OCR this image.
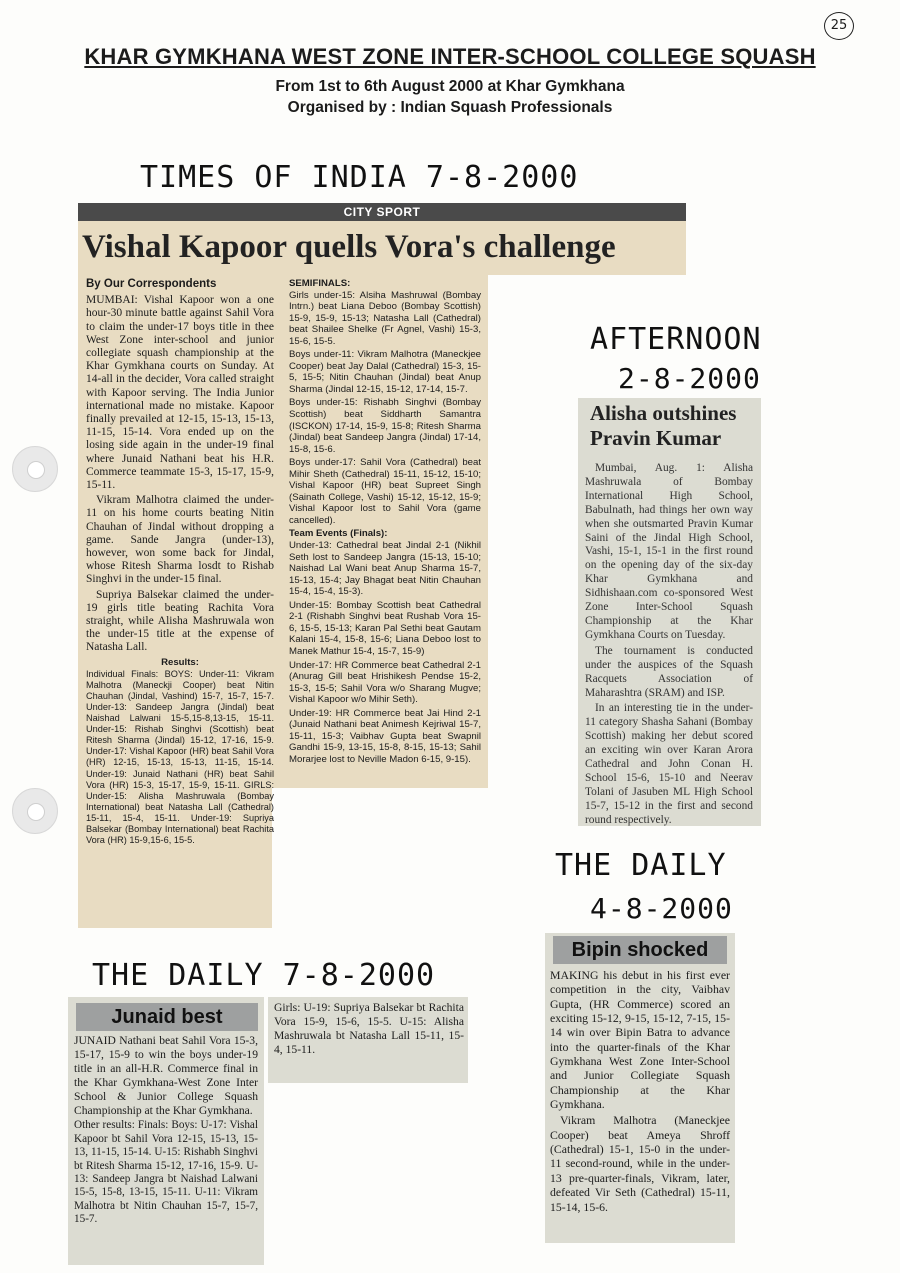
25
KHAR GYMKHANA WEST ZONE INTER-SCHOOL COLLEGE SQUASH
From 1st to 6th August 2000 at Khar Gymkhana
Organised by : Indian Squash Professionals
TIMES OF INDIA 7-8-2000
CITY SPORT
Vishal Kapoor quells Vora's challenge
By Our Correspondents

MUMBAI: Vishal Kapoor won a one hour-30 minute battle against Sahil Vora to claim the under-17 boys title in thee West Zone inter-school and junior collegiate squash championship at the Khar Gymkhana courts on Sunday. At 14-all in the decider, Vora called straight with Kapoor serving. The India Junior international made no mistake. Kapoor finally prevailed at 12-15, 15-13, 15-13, 11-15, 15-14. Vora ended up on the losing side again in the under-19 final where Junaid Nathani beat his H.R. Commerce teammate 15-3, 15-17, 15-9, 15-11.

Vikram Malhotra claimed the under-11 on his home courts beating Nitin Chauhan of Jindal without dropping a game. Sande Jangra (under-13), however, won some back for Jindal, whose Ritesh Sharma losdt to Rishab Singhvi in the under-15 final.

Supriya Balsekar claimed the under-19 girls title beating Rachita Vora straight, while Alisha Mashruwala won the under-15 title at the expense of Natasha Lall.

Results:
Individual Finals: BOYS: Under-11: Vikram Malhotra (Maneckji Cooper) beat Nitin Chauhan (Jindal, Vashind) 15-7, 15-7, 15-7. Under-13: Sandeep Jangra (Jindal) beat Naishad Lalwani 15-5,15-8,13-15, 15-11. Under-15: Rishab Singhvi (Scottish) beat Ritesh Sharma (Jindal) 15-12, 17-16, 15-9. Under-17: Vishal Kapoor (HR) beat Sahil Vora (HR) 12-15, 15-13, 15-13, 11-15, 15-14. Under-19: Junaid Nathani (HR) beat Sahil Vora (HR) 15-3, 15-17, 15-9, 15-11. GIRLS: Under-15: Alisha Mashruwala (Bombay International) beat Natasha Lall (Cathedral) 15-11, 15-4, 15-11. Under-19: Supriya Balsekar (Bombay International) beat Rachita Vora (HR) 15-9,15-6, 15-5.
SEMIFINALS:

Girls under-15: Alsiha Mashruwal (Bombay Intrn.) beat Liana Deboo (Bombay Scottish) 15-9, 15-9, 15-13; Natasha Lall (Cathedral) beat Shailee Shelke (Fr Agnel, Vashi) 15-3, 15-6, 15-5.

Boys under-11: Vikram Malhotra (Maneckjee Cooper) beat Jay Dalal (Cathedral) 15-3, 15-5, 15-5; Nitin Chauhan (Jindal) beat Anup Sharma (Jindal 12-15, 15-12, 17-14, 15-7.

Boys under-15: Rishabh Singhvi (Bombay Scottish) beat Siddharth Samantra (ISCKON) 17-14, 15-9, 15-8; Ritesh Sharma (Jindal) beat Sandeep Jangra (Jindal) 17-14, 15-8, 15-6.

Boys under-17: Sahil Vora (Cathedral) beat Mihir Sheth (Cathedral) 15-11, 15-12, 15-10; Vishal Kapoor (HR) beat Supreet Singh (Sainath College, Vashi) 15-12, 15-12, 15-9; Vishal Kapoor lost to Sahil Vora (game cancelled).

Team Events (Finals):

Under-13: Cathedral beat Jindal 2-1 (Nikhil Seth lost to Sandeep Jangra (15-13, 15-10; Naishad Lal Wani beat Anup Sharma 15-7, 15-13, 15-4; Jay Bhagat beat Nitin Chauhan 15-4, 15-4, 15-3).

Under-15: Bombay Scottish beat Cathedral 2-1 (Rishabh Singhvi beat Rushab Vora 15-6, 15-5, 15-13; Karan Pal Sethi beat Gautam Kalani 15-4, 15-8, 15-6; Liana Deboo lost to Manek Mathur 15-4, 15-7, 15-9)

Under-17: HR Commerce beat Cathedral 2-1 (Anurag Gill beat Hrishikesh Pendse 15-2, 15-3, 15-5; Sahil Vora w/o Sharang Mugve; Vishal Kapoor w/o Mihir Seth).

Under-19: HR Commerce beat Jai Hind 2-1 (Junaid Nathani beat Animesh Kejriwal 15-7, 15-11, 15-3; Vaibhav Gupta beat Swapnil Gandhi 15-9, 13-15, 15-8, 8-15, 15-13; Sahil Morarjee lost to Neville Madon 6-15, 9-15).

AFTERNOON
2-8-2000
Alisha outshines Pravin Kumar

Mumbai, Aug. 1: Alisha Mashruwala of Bombay International High School, Babulnath, had things her own way when she outsmarted Pravin Kumar Saini of the Jindal High School, Vashi, 15-1, 15-1 in the first round on the opening day of the six-day Khar Gymkhana and Sidhishaan.com co-sponsored West Zone Inter-School Squash Championship at the Khar Gymkhana Courts on Tuesday.

The tournament is conducted under the auspices of the Squash Racquets Association of Maharashtra (SRAM) and ISP.

In an interesting tie in the under-11 category Shasha Sahani (Bombay Scottish) making her debut scored an exciting win over Karan Arora Cathedral and John Conan H. School 15-6, 15-10 and Neerav Tolani of Jasuben ML High School 15-7, 15-12 in the first and second round respectively.

THE DAILY
4-8-2000
Bipin shocked

MAKING his debut in his first ever competition in the city, Vaibhav Gupta, (HR Commerce) scored an exciting 15-12, 9-15, 15-12, 7-15, 15-14 win over Bipin Batra to advance into the quarter-finals of the Khar Gymkhana West Zone Inter-School and Junior Collegiate Squash Championship at the Khar Gymkhana.

Vikram Malhotra (Maneckjee Cooper) beat Ameya Shroff (Cathedral) 15-1, 15-0 in the under-11 second-round, while in the under-13 pre-quarter-finals, Vikram, later, defeated Vir Seth (Cathedral) 15-11, 15-14, 15-6.

THE DAILY 7-8-2000
Junaid best

JUNAID Nathani beat Sahil Vora 15-3, 15-17, 15-9 to win the boys under-19 title in an all-H.R. Commerce final in the Khar Gymkhana-West Zone Inter School & Junior College Squash Championship at the Khar Gymkhana.

Other results: Finals: Boys: U-17: Vishal Kapoor bt Sahil Vora 12-15, 15-13, 15-13, 11-15, 15-14. U-15: Rishabh Singhvi bt Ritesh Sharma 15-12, 17-16, 15-9. U-13: Sandeep Jangra bt Naishad Lalwani 15-5, 15-8, 13-15, 15-11. U-11: Vikram Malhotra bt Nitin Chauhan 15-7, 15-7, 15-7.

Girls: U-19: Supriya Balsekar bt Rachita Vora 15-9, 15-6, 15-5. U-15: Alisha Mashruwala bt Natasha Lall 15-11, 15-4, 15-11.
